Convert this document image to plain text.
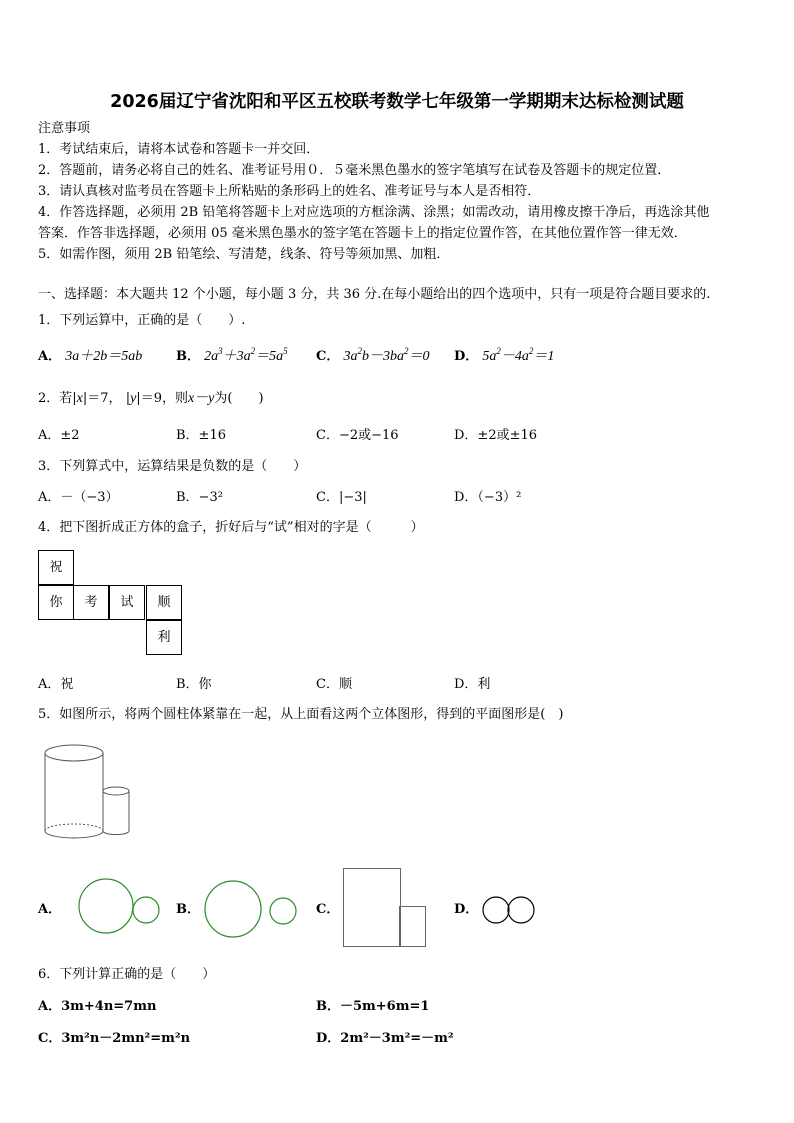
2026届辽宁省沈阳和平区五校联考数学七年级第一学期期末达标检测试题
注意事项
1．考试结束后，请将本试卷和答题卡一并交回．
2．答题前，请务必将自己的姓名、准考证号用０．５毫米黑色墨水的签字笔填写在试卷及答题卡的规定位置．
3．请认真核对监考员在答题卡上所粘贴的条形码上的姓名、准考证号与本人是否相符．
4．作答选择题，必须用 2B 铅笔将答题卡上对应选项的方框涂满、涂黑；如需改动，请用橡皮擦干净后，再选涂其他
答案．作答非选择题，必须用 05 毫米黑色墨水的签字笔在答题卡上的指定位置作答，在其他位置作答一律无效．
5．如需作图，须用 2B 铅笔绘、写清楚，线条、符号等须加黑、加粗．
一、选择题：本大题共 12 个小题，每小题 3 分，共 36 分.在每小题给出的四个选项中，只有一项是符合题目要求的.
1．下列运算中，正确的是（　　）.
A． 3a＋2b＝5ab	B． $2a^3+3a^2=5a^5$ C． $3a^2b-3ba^2=0$ D． $5a^2-4a^2=1$
2．若|x|＝7， |y|＝9，则x－y为(　　)
A．±2	B．±16	C．−2或−16	D．±2或±16
3．下列算式中，运算结果是负数的是（　　）
A．－（−3）	B．−3²	C．|−3|	D．（−3）²
4．把下图折成正方体的盒子，折好后与“试”相对的字是（　　　）
祝
你	考	试	顺
利
A．祝	B．你	C．顺	D．利
5．如图所示，将两个圆柱体紧靠在一起，从上面看这两个立体图形，得到的平面图形是(　)
A．	B．	C．	D．
6．下列计算正确的是（　　）
A．3m+4n=7mn	B．－5m+6m=1
C．3m²n－2mn²=m²n	D．2m²－3m²=－m²
